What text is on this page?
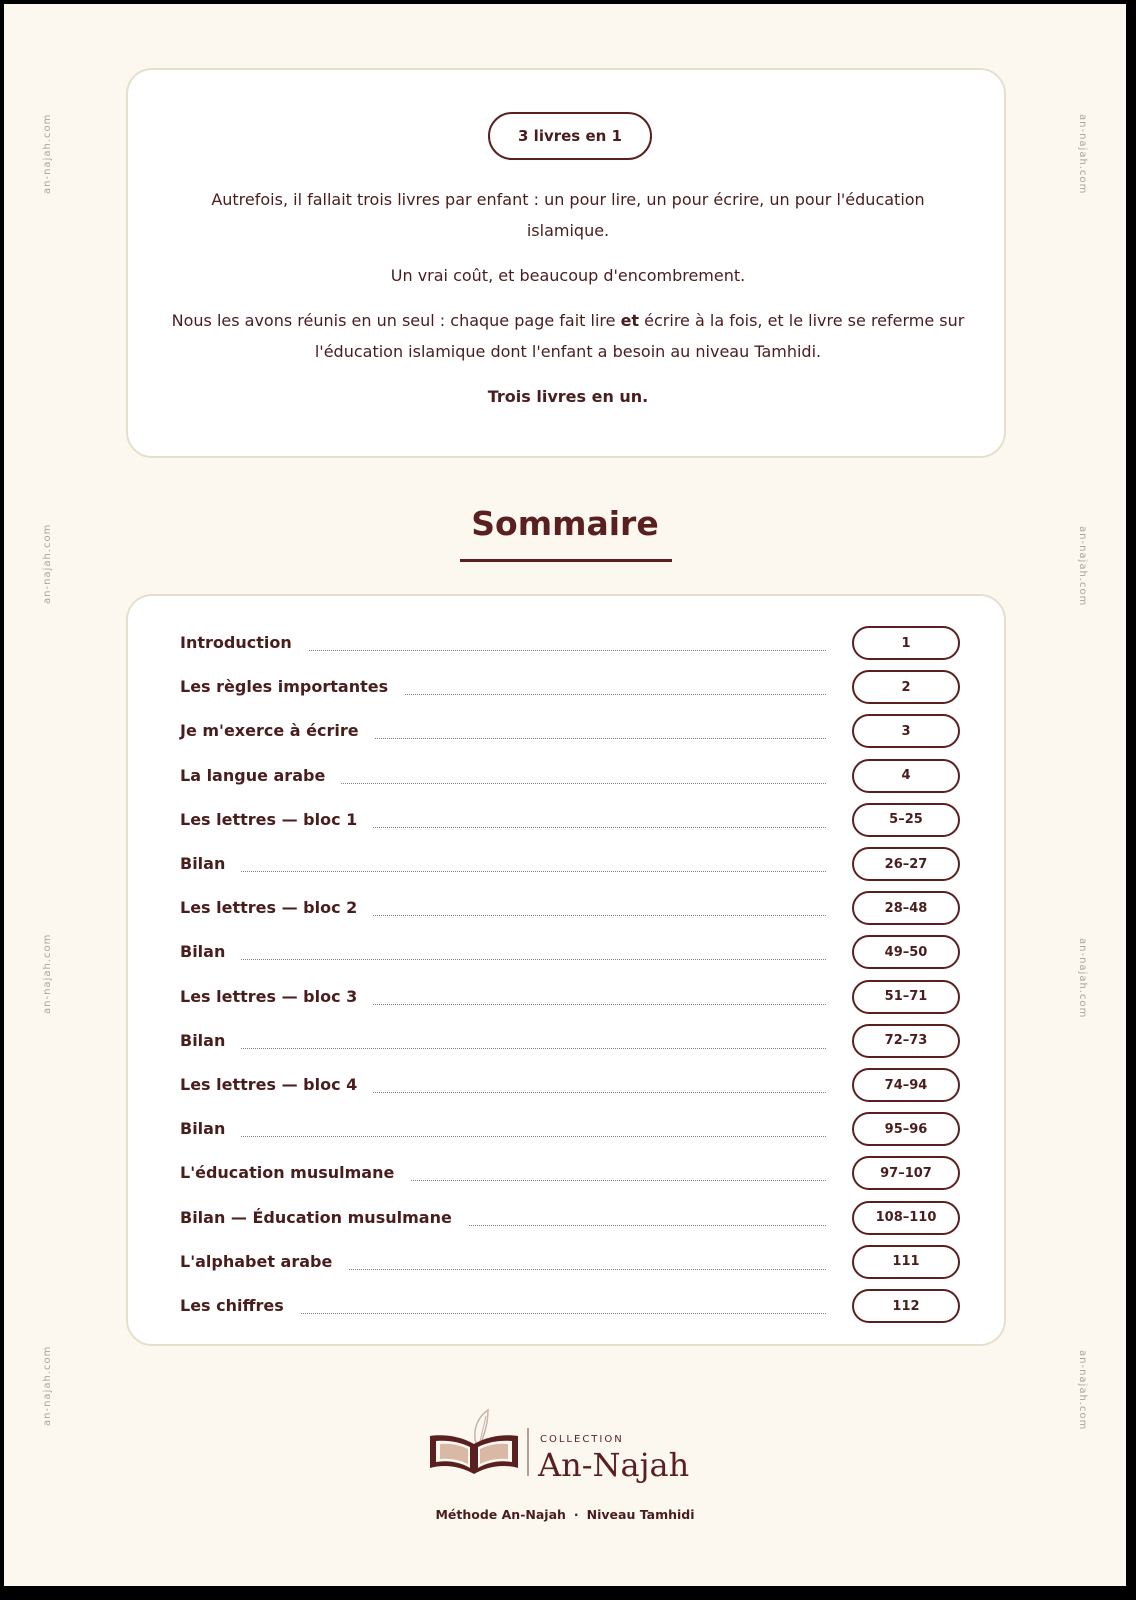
an-najah.com
an-najah.com
an-najah.com
an-najah.com
an-najah.com
an-najah.com
an-najah.com
an-najah.com
3 livres en 1

Autrefois, il fallait trois livres par enfant : un pour lire, un pour écrire, un pour l'éducation islamique.

Un vrai coût, et beaucoup d'encombrement.

Nous les avons réunis en un seul : chaque page fait lire et écrire à la fois, et le livre se referme sur l'éducation islamique dont l'enfant a besoin au niveau Tamhidi.

Trois livres en un.

Sommaire
Introduction	1
Les règles importantes	2
Je m'exerce à écrire	3
La langue arabe	4
Les lettres — bloc 1	5–25
Bilan	26–27
Les lettres — bloc 2	28–48
Bilan	49–50
Les lettres — bloc 3	51–71
Bilan	72–73
Les lettres — bloc 4	74–94
Bilan	95–96
L'éducation musulmane	97–107
Bilan — Éducation musulmane	108–110
L'alphabet arabe	111
Les chiffres	112
COLLECTION
An-Najah
Méthode An-Najah · Niveau Tamhidi
